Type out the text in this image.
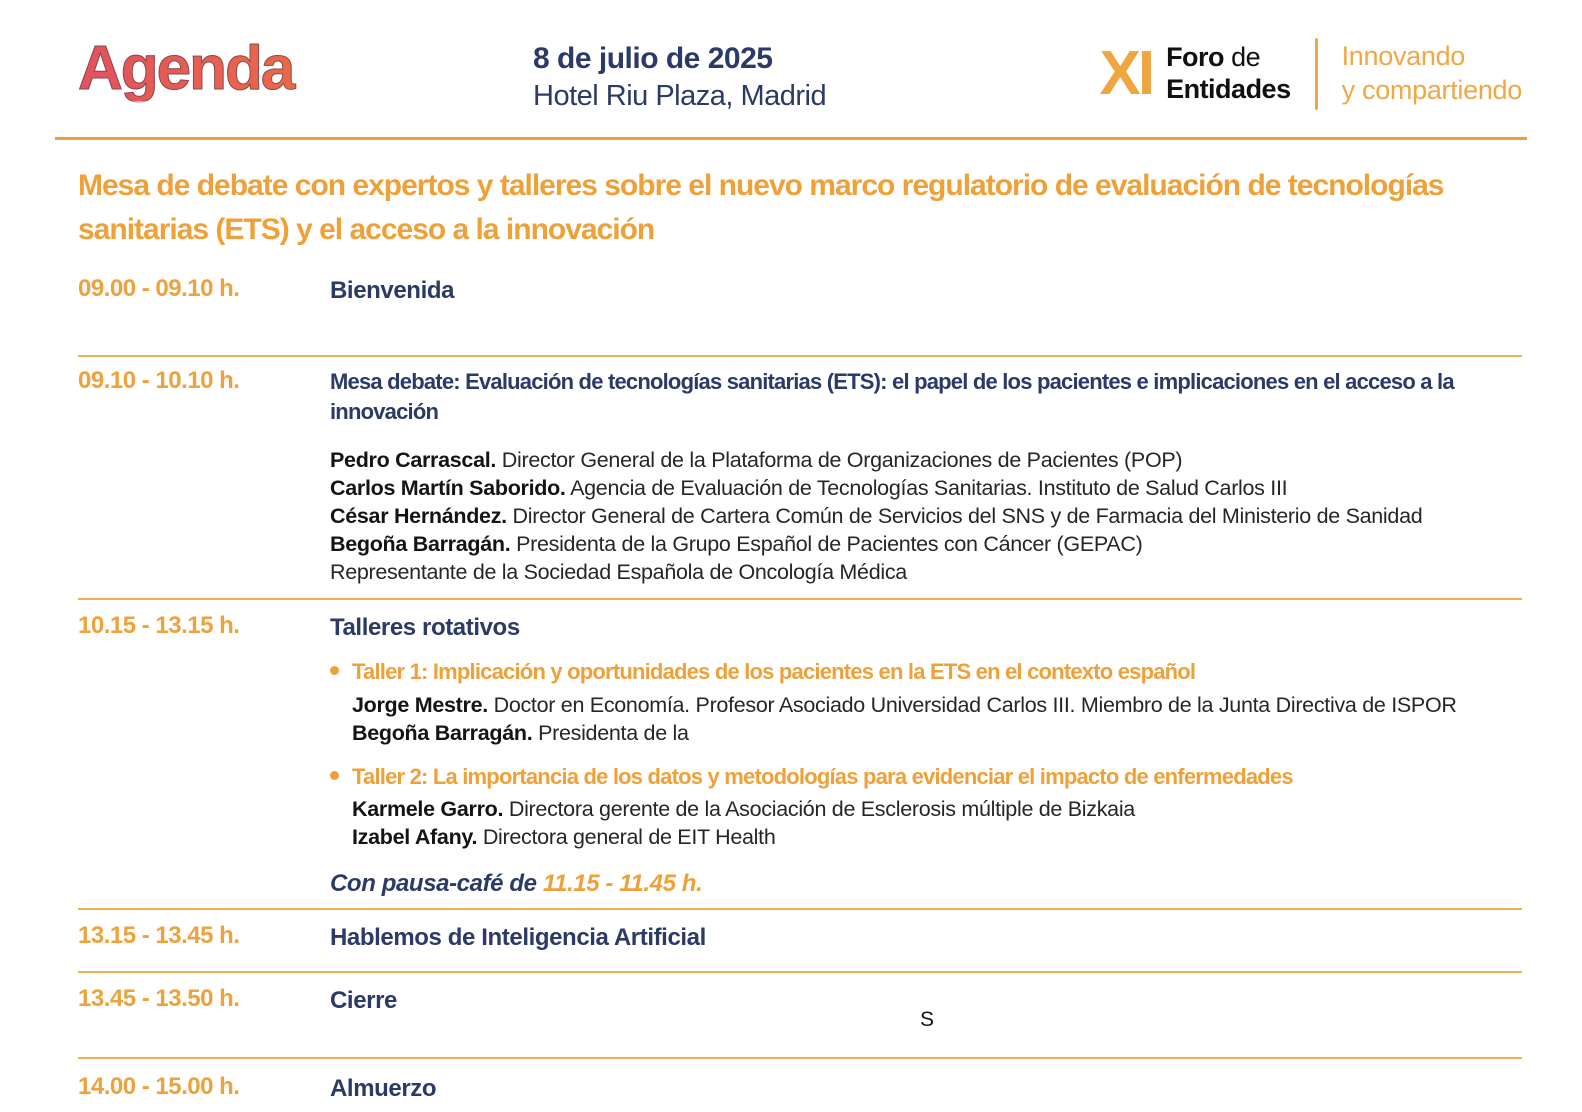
Agenda	8 de julio de 2025
Hotel Riu Plaza, Madrid	XI Foro de
Entidades
Innovando
y compartiendo
Mesa de debate con expertos y talleres sobre el nuevo marco regulatorio de evaluación de tecnologías sanitarias (ETS) y el acceso a la innovación
09.00 - 09.10 h.	Bienvenida
09.10 - 10.10 h.	Mesa debate: Evaluación de tecnologías sanitarias (ETS): el papel de los pacientes e implicaciones en el acceso a la innovación
Pedro Carrascal. Director General de la Plataforma de Organizaciones de Pacientes (POP)
Carlos Martín Saborido. Agencia de Evaluación de Tecnologías Sanitarias. Instituto de Salud Carlos III
César Hernández. Director General de Cartera Común de Servicios del SNS y de Farmacia del Ministerio de Sanidad
Begoña Barragán. Presidenta de la Grupo Español de Pacientes con Cáncer (GEPAC)
Representante de la Sociedad Española de Oncología Médica
10.15 - 13.15 h.	Talleres rotativos
Taller 1: Implicación y oportunidades de los pacientes en la ETS en el contexto español
Jorge Mestre. Doctor en Economía. Profesor Asociado Universidad Carlos III. Miembro de la Junta Directiva de ISPOR
Begoña Barragán. Presidenta de la
Taller 2: La importancia de los datos y metodologías para evidenciar el impacto de enfermedades
Karmele Garro. Directora gerente de la Asociación de Esclerosis múltiple de Bizkaia
Izabel Afany. Directora general de EIT Health
Con pausa-café de 11.15 - 11.45 h.
13.15 - 13.45 h.	Hablemos de Inteligencia Artificial
13.45 - 13.50 h.	Cierre
14.00 - 15.00 h.	Almuerzo
S
